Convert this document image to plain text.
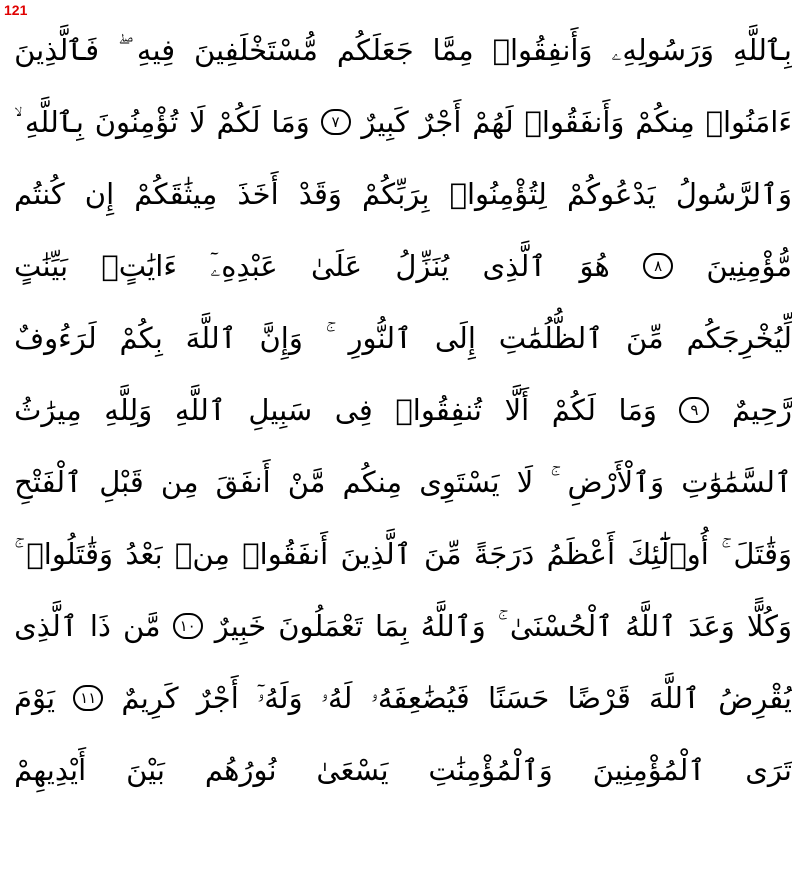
121
بِٱللَّهِ
وَرَسُولِهِۦ
وَأَنفِقُوا۟
مِمَّا
جَعَلَكُم
مُّسْتَخْلَفِينَ
فِيهِ
فَٱلَّذِينَ
ءَامَنُوا۟
مِنكُمْ
وَأَنفَقُوا۟
لَهُمْ
أَجْرٌ
كَبِيرٌ
٧
وَمَا
لَكُمْ
لَا
تُؤْمِنُونَ
بِٱللَّهِ
وَٱلرَّسُولُ
يَدْعُوكُمْ
لِتُؤْمِنُوا۟
بِرَبِّكُمْ
وَقَدْ
أَخَذَ
مِيثَٰقَكُمْ
إِن
كُنتُم
مُّؤْمِنِينَ
٨
هُوَ
ٱلَّذِى
يُنَزِّلُ
عَلَىٰ
عَبْدِهِۦٓ
ءَايَٰتٍۭ
بَيِّنَٰتٍ
لِّيُخْرِجَكُم
مِّنَ
ٱلظُّلُمَٰتِ
إِلَى
ٱلنُّورِ
وَإِنَّ
ٱللَّهَ
بِكُمْ
لَرَءُوفٌ
رَّحِيمٌ
٩
وَمَا
لَكُمْ
أَلَّا
تُنفِقُوا۟
فِى
سَبِيلِ
ٱللَّهِ
وَلِلَّهِ
مِيرَٰثُ
ٱلسَّمَٰوَٰتِ
وَٱلْأَرْضِ
لَا
يَسْتَوِى
مِنكُم
مَّنْ
أَنفَقَ
مِن
قَبْلِ
ٱلْفَتْحِ
وَقَٰتَلَ
أُو۟لَٰٓئِكَ
أَعْظَمُ
دَرَجَةً
مِّنَ
ٱلَّذِينَ
أَنفَقُوا۟
مِنۢ
بَعْدُ
وَقَٰتَلُوا۟
وَكُلًّا
وَعَدَ
ٱللَّهُ
ٱلْحُسْنَىٰ
وَٱللَّهُ
بِمَا
تَعْمَلُونَ
خَبِيرٌ
١٠
مَّن
ذَا
ٱلَّذِى
يُقْرِضُ
ٱللَّهَ
قَرْضًا
حَسَنًا
فَيُضَٰعِفَهُۥ
لَهُۥ
وَلَهُۥٓ
أَجْرٌ
كَرِيمٌ
١١
يَوْمَ
تَرَى
ٱلْمُؤْمِنِينَ
وَٱلْمُؤْمِنَٰتِ
يَسْعَىٰ
نُورُهُم
بَيْنَ
أَيْدِيهِمْ
